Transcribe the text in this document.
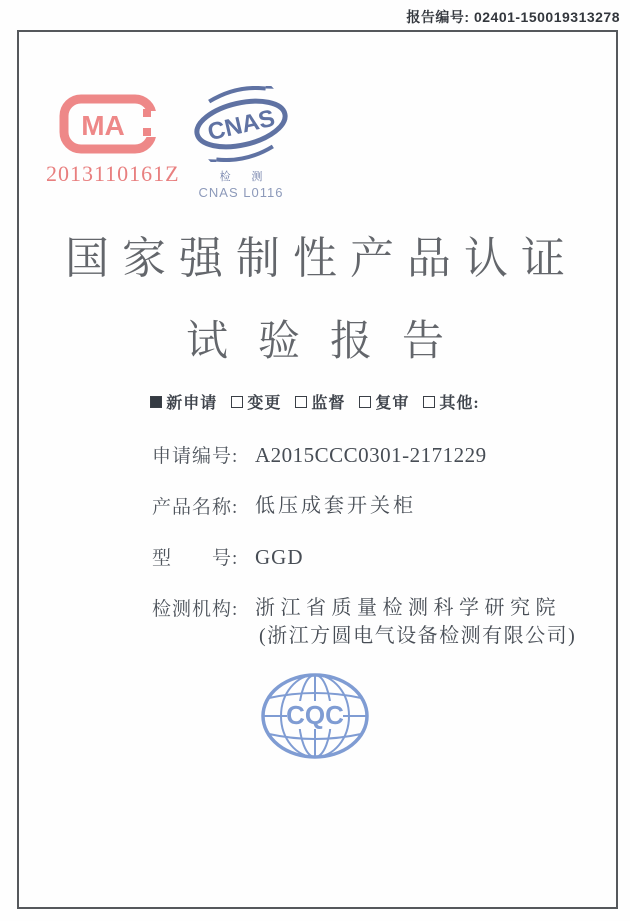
报告编号: 02401-150019313278
MA
2013110161Z
CNAS
检 测
CNAS L0116
国家强制性产品认证
试验报告
新申请 变更 监督 复审 其他:
申请编号: A2015CCC0301-2171229
产品名称: 低压成套开关柜
型　　号: GGD
检测机构: 浙江省质量检测科学研究院
(浙江方圆电气设备检测有限公司)
CQC
